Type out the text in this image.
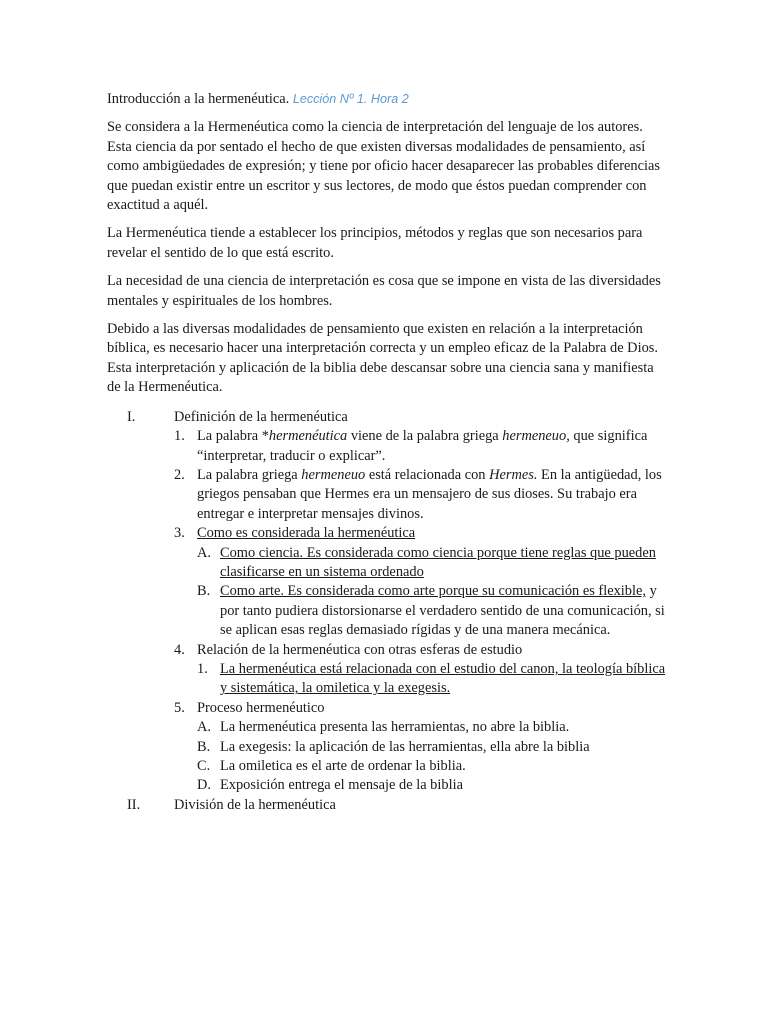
Introducción a la hermenéutica. Lección Nº 1. Hora 2

Se considera a la Hermenéutica como la ciencia de interpretación del lenguaje de los autores. Esta ciencia da por sentado el hecho de que existen diversas modalidades de pensamiento, así como ambigüedades de expresión; y tiene por oficio hacer desaparecer las probables diferencias que puedan existir entre un escritor y sus lectores, de modo que éstos puedan comprender con exactitud a aquél.

La Hermenéutica tiende a establecer los principios, métodos y reglas que son necesarios para revelar el sentido de lo que está escrito.

La necesidad de una ciencia de interpretación es cosa que se impone en vista de las diversidades mentales y espirituales de los hombres.

Debido a las diversas modalidades de pensamiento que existen en relación a la interpretación bíblica, es necesario hacer una interpretación correcta y un empleo eficaz de la Palabra de Dios. Esta interpretación y aplicación de la biblia debe descansar sobre una ciencia sana y manifiesta de la Hermenéutica.

I.	Definición de la hermenéutica
1. La palabra *hermenéutica viene de la palabra griega hermeneuo, que significa “interpretar, traducir o explicar”.
2. La palabra griega hermeneuo está relacionada con Hermes. En la antigüedad, los griegos pensaban que Hermes era un mensajero de sus dioses. Su trabajo era entregar e interpretar mensajes divinos.
3. Como es considerada la hermenéutica
A. Como ciencia. Es considerada como ciencia porque tiene reglas que pueden clasificarse en un sistema ordenado
B. Como arte. Es considerada como arte porque su comunicación es flexible, y por tanto pudiera distorsionarse el verdadero sentido de una comunicación, si se aplican esas reglas demasiado rígidas y de una manera mecánica.
4. Relación de la hermenéutica con otras esferas de estudio
1. La hermenéutica está relacionada con el estudio del canon, la teología bíblica y sistemática, la omiletica y la exegesis.
5. Proceso hermenéutico
A. La hermenéutica presenta las herramientas, no abre la biblia.
B. La exegesis: la aplicación de las herramientas, ella abre la biblia
C. La omiletica es el arte de ordenar la biblia.
D. Exposición entrega el mensaje de la biblia
II.	División de la hermenéutica
